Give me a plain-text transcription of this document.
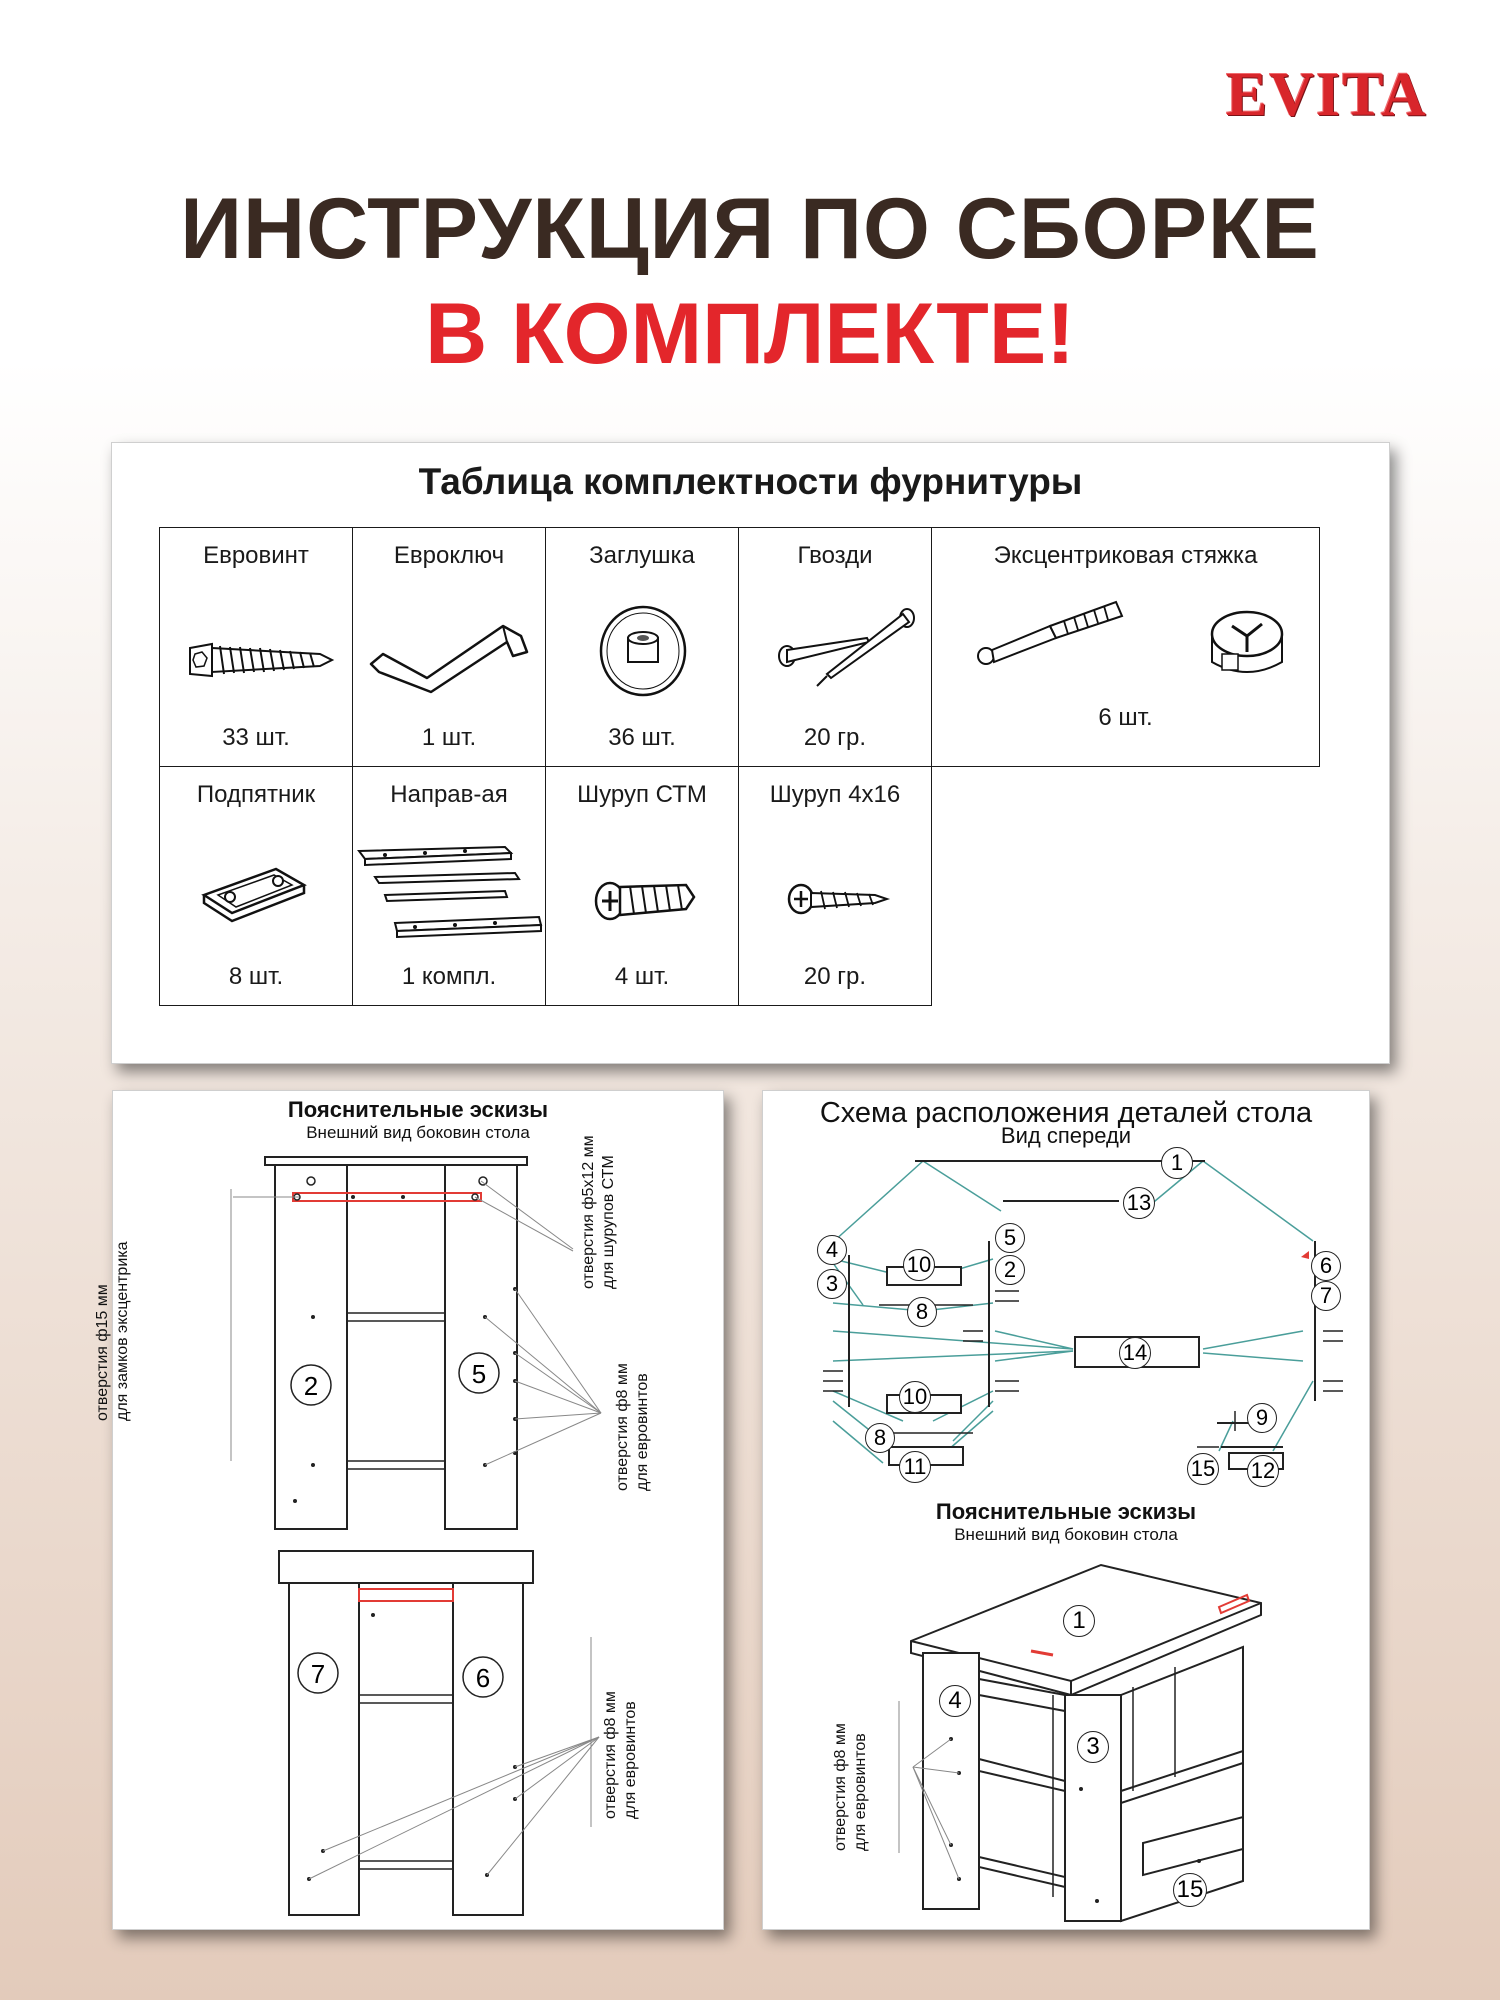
EVITA
ИНСТРУКЦИЯ ПО СБОРКЕ
В КОМПЛЕКТЕ!
Таблица комплектности фурнитуры
Евровинт
33 шт.
Евроключ
1 шт.
Заглушка
36 шт.
Гвозди
20 гр.
Эксцентриковая стяжка
6 шт.
Подпятник
8 шт.
Направ-ая
1 компл.
Шуруп СТМ
4 шт.
Шуруп 4х16
20 гр.
Пояснительные эскизы
Внешний вид боковин стола
2	5
7	6
отверстия ф15 мм для замков эксцентрика
отверстия ф5х12 мм для шурупов СТМ
отверстия ф8 мм для евровинтов
отверстия ф8 мм для евровинтов
Схема расположения деталей стола
Вид спереди
1
13
4
3
10
8
5
2	6
7
14
10
8
11
9
15 12
Пояснительные эскизы
Внешний вид боковин стола
1
4
3
15
отверстия ф8 мм для евровинтов
